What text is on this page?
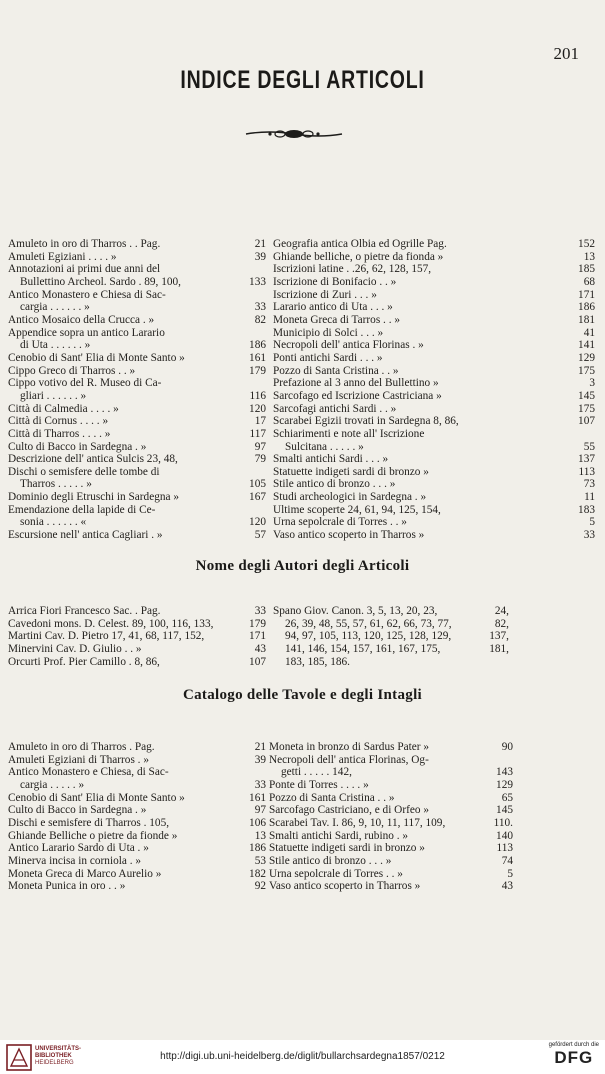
201
INDICE DEGLI ARTICOLI
Amuleto in oro di Tharros . . Pag.	21
Amuleti Egiziani . . . . »	39
Annotazioni ai primi due anni del
Bullettino Archeol. Sardo . 89, 100,	133
Antico Monastero e Chiesa di Sac-
cargia . . . . . . »	33
Antico Mosaico della Crucca . »	82
Appendice sopra un antico Larario
di Uta . . . . . . »	186
Cenobio di Sant' Elia di Monte Santo »	161
Cippo Greco di Tharros . . »	179
Cippo votivo del R. Museo di Ca-
gliari . . . . . . »	116
Città di Calmedia . . . . »	120
Città di Cornus . . . . »	17
Città di Tharros . . . . »	117
Culto di Bacco in Sardegna . »	97
Descrizione dell' antica Sulcis 23, 48,	79
Dischi o semisfere delle tombe di
Tharros . . . . . »	105
Dominio degli Etruschi in Sardegna »	167
Emendazione della lapide di Ce-
sonia . . . . . . «	120
Escursione nell' antica Cagliari . »	57
Geografia antica Olbia ed Ogrille Pag.	152
Ghiande belliche, o pietre da fionda »	13
Iscrizioni latine . .26, 62, 128, 157,	185
Iscrizione di Bonifacio . . »	68
Iscrizione di Zuri . . . »	171
Larario antico di Uta . . . »	186
Moneta Greca di Tarros . . »	181
Municipio di Solci . . . »	41
Necropoli dell' antica Florinas . »	141
Ponti antichi Sardi . . . »	129
Pozzo di Santa Cristina . . »	175
Prefazione al 3 anno del Bullettino »	3
Sarcofago ed Iscrizione Castriciana »	145
Sarcofagi antichi Sardi . . »	175
Scarabei Egizii trovati in Sardegna 8, 86,	107
Schiarimenti e note all' Iscrizione
Sulcitana . . . . . »	55
Smalti antichi Sardi . . . »	137
Statuette indigeti sardi di bronzo »	113
Stile antico di bronzo . . . »	73
Studi archeologici in Sardegna . »	11
Ultime scoperte 24, 61, 94, 125, 154,	183
Urna sepolcrale di Torres . . »	5
Vaso antico scoperto in Tharros »	33
Nome degli Autori degli Articoli
Arrica Fiori Francesco Sac. . Pag.	33
Cavedoni mons. D. Celest. 89, 100, 116, 133,	179
Martini Cav. D. Pietro 17, 41, 68, 117, 152,	171
Minervini Cav. D. Giulio . . »	43
Orcurti Prof. Pier Camillo . 8, 86,	107
Spano Giov. Canon. 3, 5, 13, 20, 23,	24,
26, 39, 48, 55, 57, 61, 62, 66, 73, 77,	82,
94, 97, 105, 113, 120, 125, 128, 129,	137,
141, 146, 154, 157, 161, 167, 175,	181,
183, 185, 186.
Catalogo delle Tavole e degli Intagli
Amuleto in oro di Tharros . Pag.	21
Amuleti Egiziani di Tharros . »	39
Antico Monastero e Chiesa, di Sac-
cargia . . . . . »	33
Cenobio di Sant' Elia di Monte Santo »	161
Culto di Bacco in Sardegna . »	97
Dischi e semisfere di Tharros . 105,	106
Ghiande Belliche o pietre da fionde »	13
Antico Larario Sardo di Uta . »	186
Minerva incisa in corniola . »	53
Moneta Greca di Marco Aurelio »	182
Moneta Punica in oro . . »	92
Moneta in bronzo di Sardus Pater »	90
Necropoli dell' antica Florinas, Og-
getti . . . . . 142,	143
Ponte di Torres . . . . »	129
Pozzo di Santa Cristina . . »	65
Sarcofago Castriciano, e di Orfeo »	145
Scarabei Tav. I. 86, 9, 10, 11, 117, 109,	110.
Smalti antichi Sardi, rubino . »	140
Statuette indigeti sardi in bronzo »	113
Stile antico di bronzo . . . »	74
Urna sepolcrale di Torres . . »	5
Vaso antico scoperto in Tharros »	43
UNIVERSITÄTS-
BIBLIOTHEK
HEIDELBERG
http://digi.ub.uni-heidelberg.de/diglit/bullarchsardegna1857/0212
gefördert durch die
DFG
